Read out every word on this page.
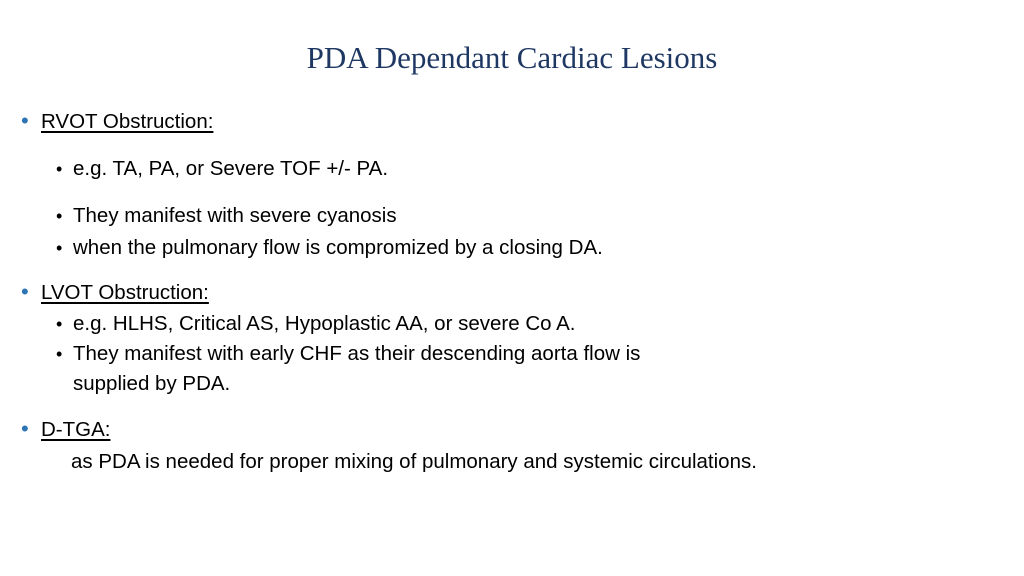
PDA Dependant Cardiac Lesions
• RVOT Obstruction:
• e.g. TA, PA, or Severe TOF +/- PA.
• They manifest with severe cyanosis
• when the pulmonary flow is compromized by a closing DA.
• LVOT Obstruction:
• e.g. HLHS, Critical AS, Hypoplastic AA, or severe Co A.
• They manifest with early CHF as their descending aorta flow is
supplied by PDA.
• D-TGA:
as PDA is needed for proper mixing of pulmonary and systemic circulations.
